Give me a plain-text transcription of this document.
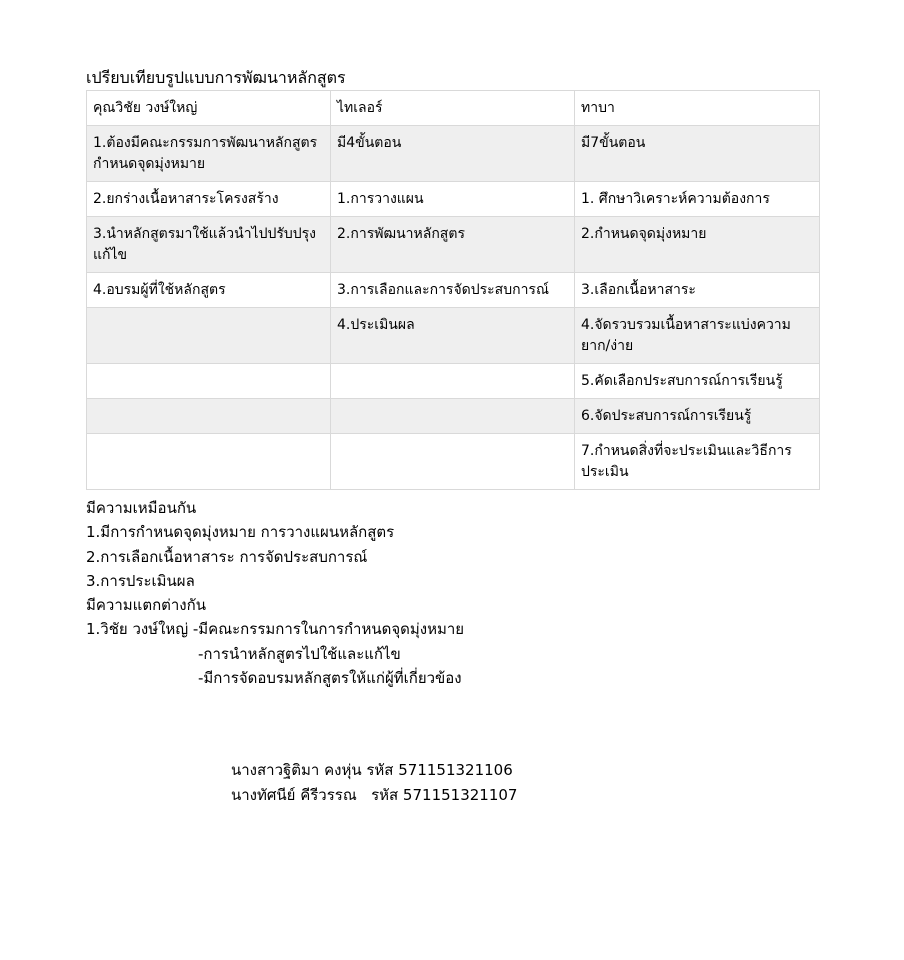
เปรียบเทียบรูปแบบการพัฒนาหลักสูตร
คุณวิชัย วงษ์ใหญ่	ไทเลอร์	ทาบา
1.ต้องมีคณะกรรมการพัฒนาหลักสูตรกำหนดจุดมุ่งหมาย	มี4ขั้นตอน	มี7ขั้นตอน
2.ยกร่างเนื้อหาสาระโครงสร้าง	1.การวางแผน	1. ศึกษาวิเคราะห์ความต้องการ
3.นำหลักสูตรมาใช้แล้วนำไปปรับปรุงแก้ไข	2.การพัฒนาหลักสูตร	2.กำหนดจุดมุ่งหมาย
4.อบรมผู้ที่ใช้หลักสูตร	3.การเลือกและการจัดประสบการณ์	3.เลือกเนื้อหาสาระ
	4.ประเมินผล	4.จัดรวบรวมเนื้อหาสาระแบ่งความยาก/ง่าย
		5.คัดเลือกประสบการณ์การเรียนรู้
		6.จัดประสบการณ์การเรียนรู้
		7.กำหนดสิ่งที่จะประเมินและวิธีการประเมิน
มีความเหมือนกัน
1.มีการกำหนดจุดมุ่งหมาย การวางแผนหลักสูตร
2.การเลือกเนื้อหาสาระ การจัดประสบการณ์
3.การประเมินผล
มีความแตกต่างกัน
1.วิชัย วงษ์ใหญ่ -มีคณะกรรมการในการกำหนดจุดมุ่งหมาย
-การนำหลักสูตรไปใช้และแก้ไข
-มีการจัดอบรมหลักสูตรให้แก่ผู้ที่เกี่ยวข้อง
นางสาวฐิติมา คงหุ่น รหัส 571151321106
นางทัศนีย์ คีรีวรรณ   รหัส 571151321107
